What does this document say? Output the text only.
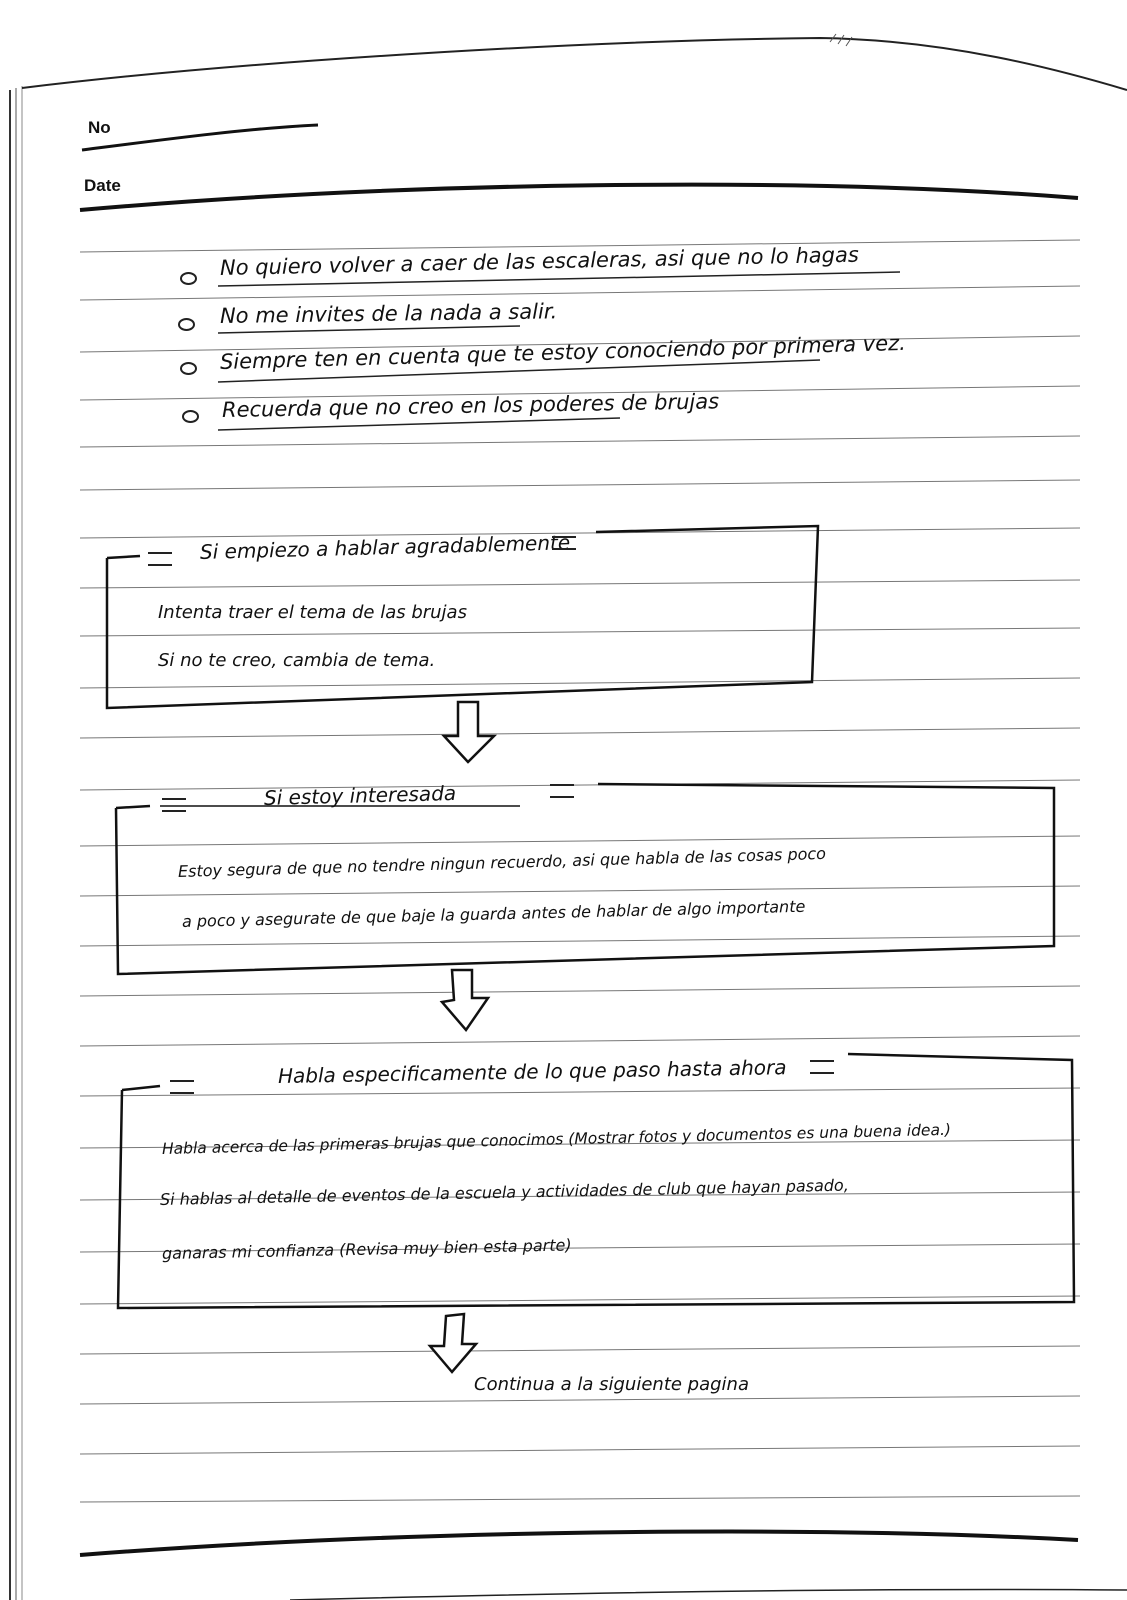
No
Date
No quiero volver a caer de las escaleras, asi que no lo hagas
No me invites de la nada a salir.
Siempre ten en cuenta que te estoy conociendo por primera vez.
Recuerda que no creo en los poderes de brujas
Si empiezo a hablar agradablemente
Intenta traer el tema de las brujas
Si no te creo, cambia de tema.
Si estoy interesada
Estoy segura de que no tendre ningun recuerdo, asi que habla de las cosas poco
a poco y asegurate de que baje la guarda antes de hablar de algo importante
Habla especificamente de lo que paso hasta ahora
Habla acerca de las primeras brujas que conocimos (Mostrar fotos y documentos es una buena idea.)
Si hablas al detalle de eventos de la escuela y actividades de club que hayan pasado,
ganaras mi confianza (Revisa muy bien esta parte)
Continua a la siguiente pagina
